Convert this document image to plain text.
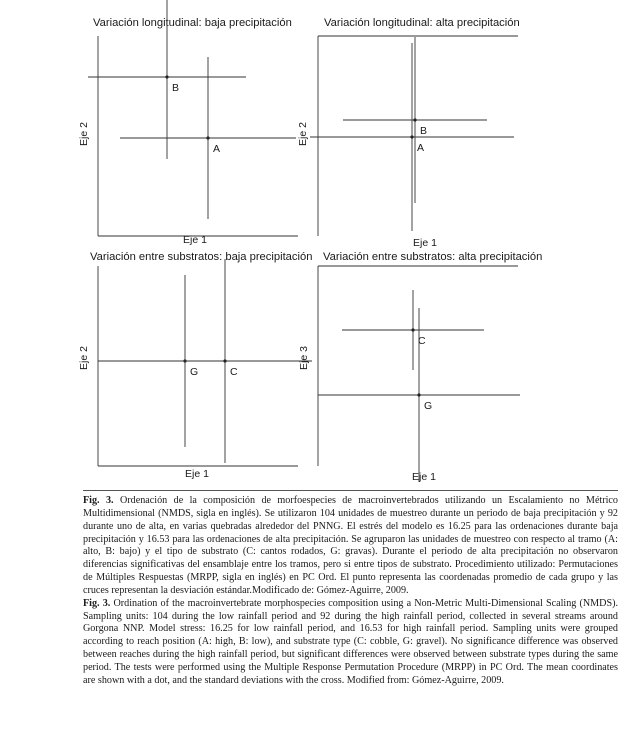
Variación longitudinal: baja precipitación
Eje 1
Eje 2
B
A
Variación longitudinal: alta precipitación
Eje 1
Eje 2	B
A
Variación entre substratos: baja precipitación
Eje 1
Eje 2
G	C
Variación entre substratos: alta precipitación
Eje 1
Eje 3
C
G

Fig. 3. Ordenación de la composición de morfoespecies de macroinvertebrados utilizando un Escalamiento no Métrico Multidimensional (NMDS, sigla en inglés). Se utilizaron 104 unidades de muestreo durante un periodo de baja precipitación y 92 durante uno de alta, en varias quebradas alrededor del PNNG. El estrés del modelo es 16.25 para las ordenaciones durante baja precipitación y 16.53 para las ordenaciones de alta precipitación. Se agruparon las unidades de muestreo con respecto al tramo (A: alto, B: bajo) y el tipo de substrato (C: cantos rodados, G: gravas). Durante el periodo de alta precipitación no observaron diferencias significativas del ensamblaje entre los tramos, pero si entre tipos de substrato. Procedimiento utilizado: Permutaciones de Múltiples Respuestas (MRPP, sigla en inglés) en PC Ord. El punto representa las coordenadas promedio de cada grupo y las cruces representan la desviación estándar.Modificado de: Gómez-Aguirre, 2009.

Fig. 3. Ordination of the macroinvertebrate morphospecies composition using a Non-Metric Multi-Dimensional Scaling (NMDS). Sampling units: 104 during the low rainfall period and 92 during the high rainfall period, collected in several streams around Gorgona NNP. Model stress: 16.25 for low rainfall period, and 16.53 for high rainfall period. Sampling units were grouped according to reach position (A: high, B: low), and substrate type (C: cobble, G: gravel). No significance difference was observed between reaches during the high rainfall period, but significant differences were observed between substrate types during the same period. The tests were performed using the Multiple Response Permutation Procedure (MRPP) in PC Ord. The mean coordinates are shown with a dot, and the standard deviations with the cross. Modified from: Gómez-Aguirre, 2009.
